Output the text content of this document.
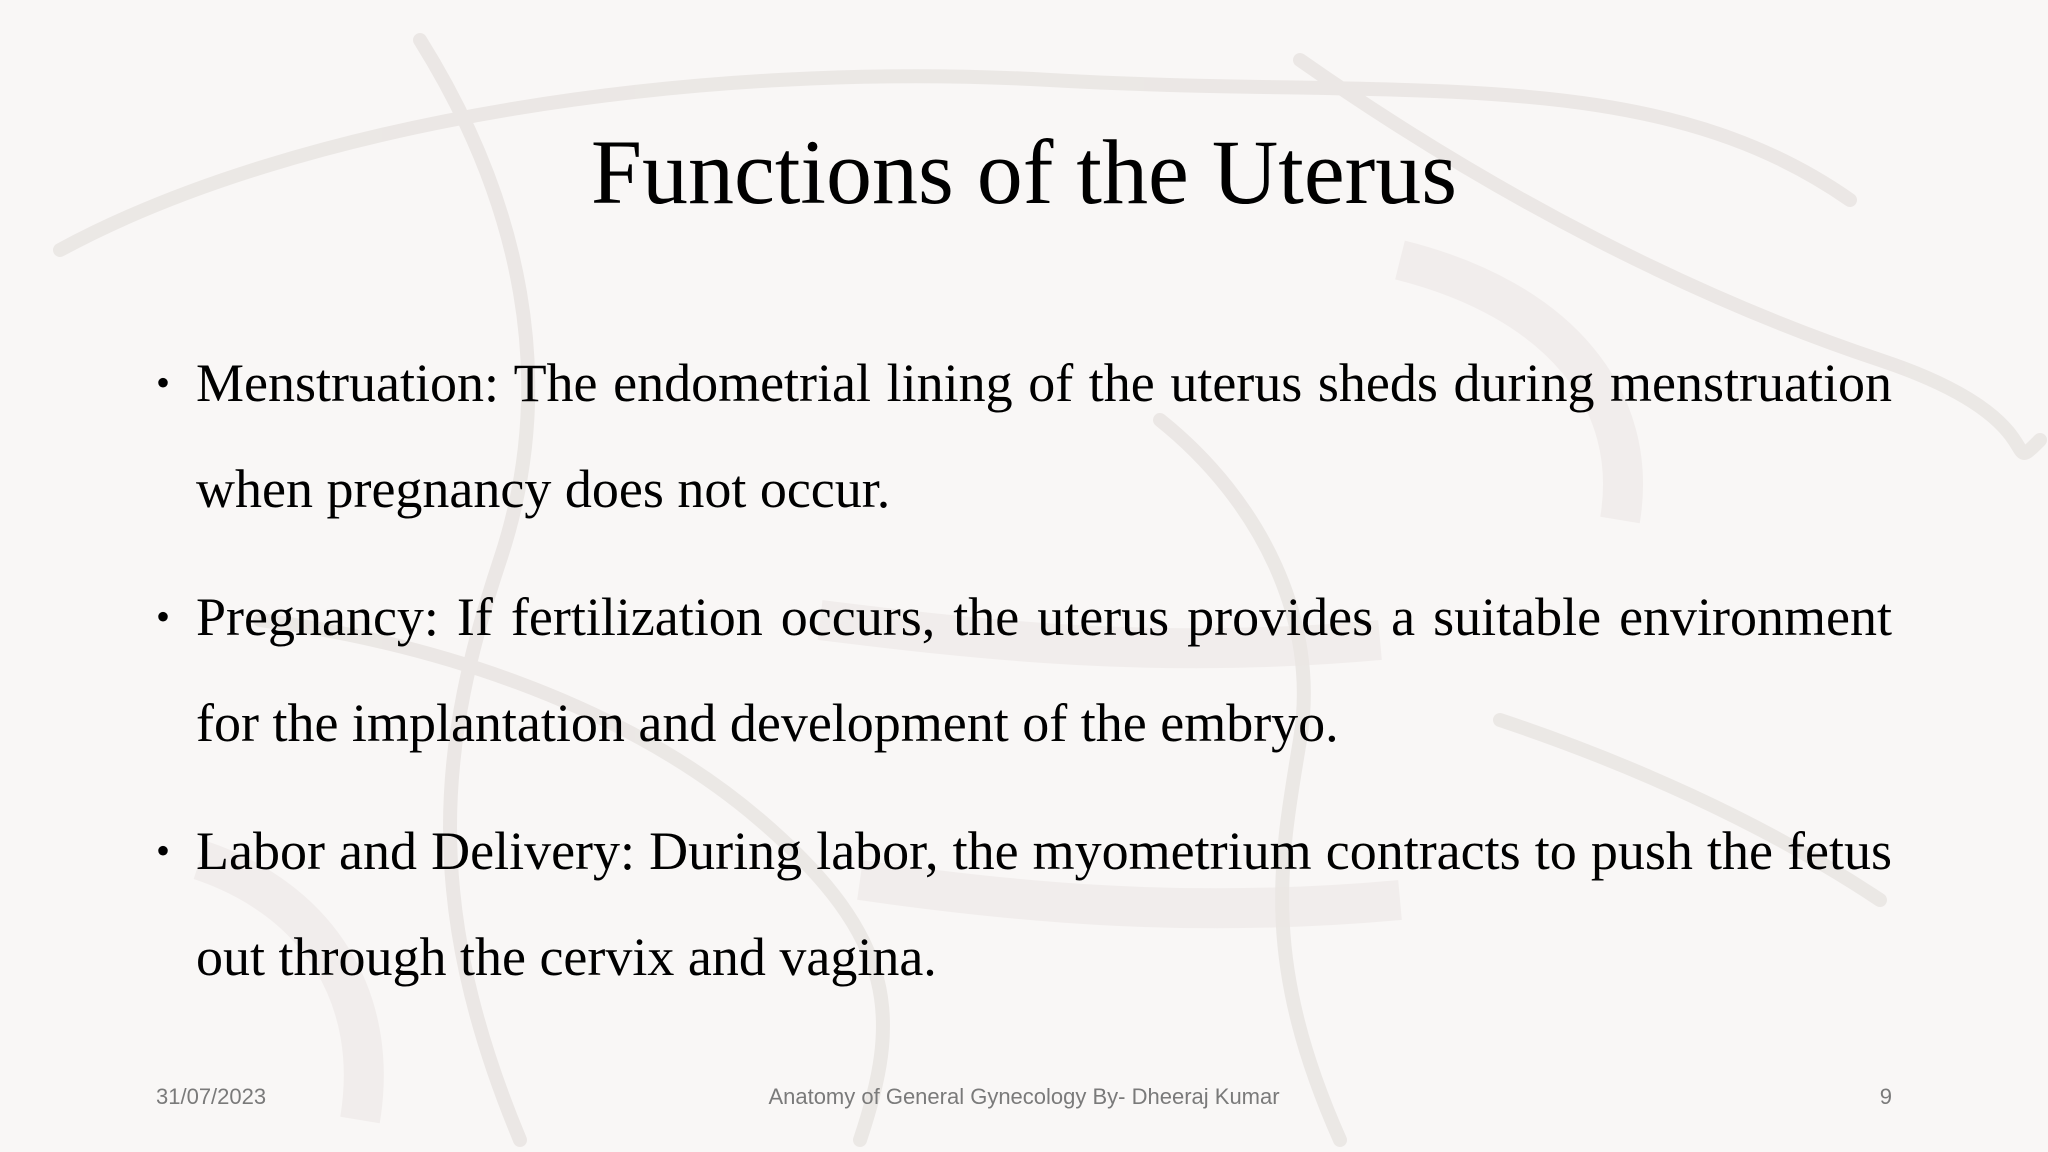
Functions of the Uterus
• Menstruation: The endometrial lining of the uterus sheds during menstruation when pregnancy does not occur.
• Pregnancy: If fertilization occurs, the uterus provides a suitable environment for the implantation and development of the embryo.
• Labor and Delivery: During labor, the myometrium contracts to push the fetus out through the cervix and vagina.
31/07/2023	Anatomy of General Gynecology By- Dheeraj Kumar	9
